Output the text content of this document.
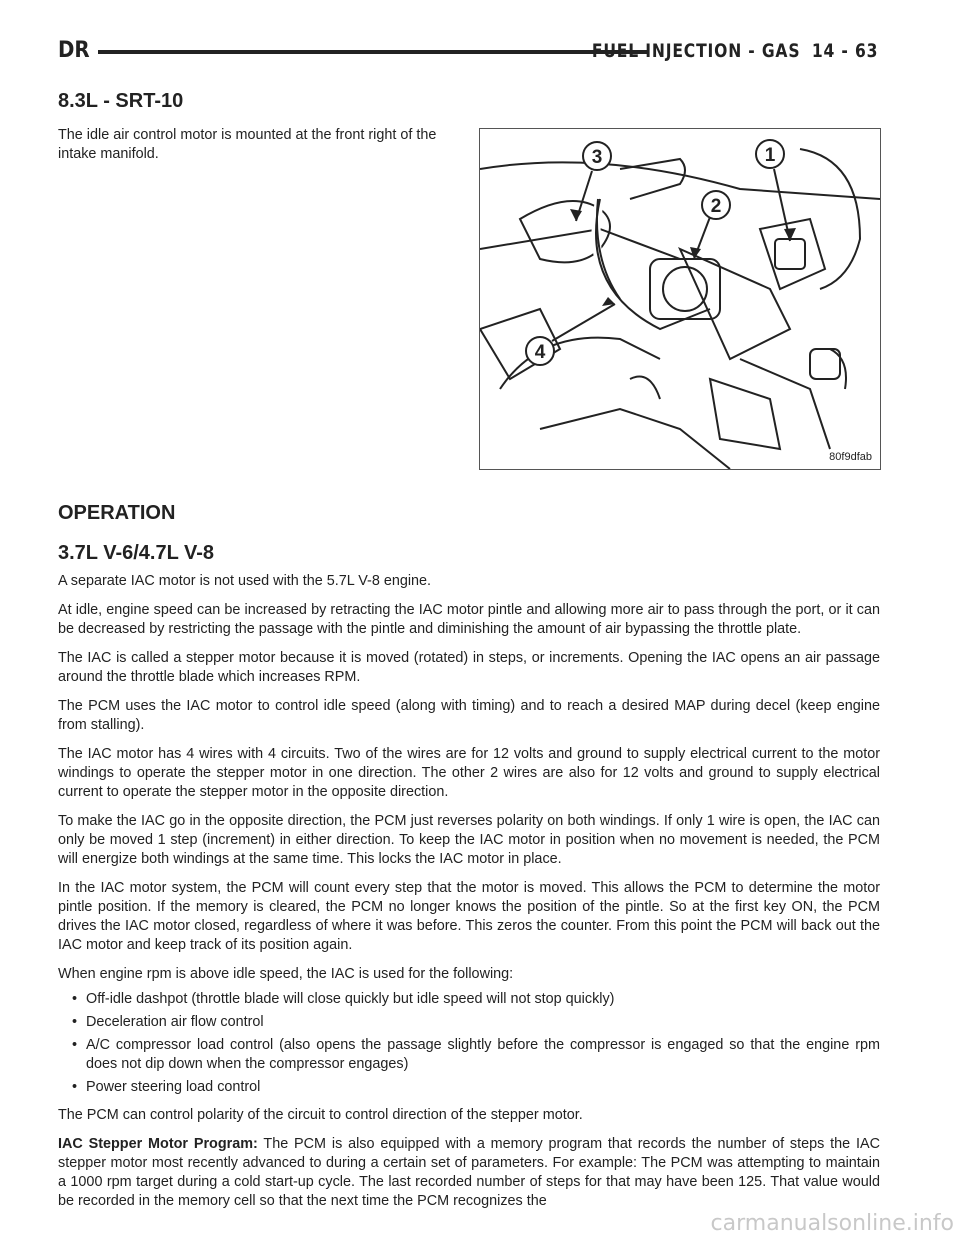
DR	FUEL INJECTION - GAS 14 - 63
8.3L - SRT-10

The idle air control motor is mounted at the front right of the intake manifold.	3	1
2
4
80f9dfab
OPERATION
3.7L V-6/4.7L V-8

A separate IAC motor is not used with the 5.7L V-8 engine.

At idle, engine speed can be increased by retracting the IAC motor pintle and allowing more air to pass through the port, or it can be decreased by restricting the passage with the pintle and diminishing the amount of air bypassing the throttle plate.

The IAC is called a stepper motor because it is moved (rotated) in steps, or increments. Opening the IAC opens an air passage around the throttle blade which increases RPM.

The PCM uses the IAC motor to control idle speed (along with timing) and to reach a desired MAP during decel (keep engine from stalling).

The IAC motor has 4 wires with 4 circuits. Two of the wires are for 12 volts and ground to supply electrical current to the motor windings to operate the stepper motor in one direction. The other 2 wires are also for 12 volts and ground to supply electrical current to operate the stepper motor in the opposite direction.

To make the IAC go in the opposite direction, the PCM just reverses polarity on both windings. If only 1 wire is open, the IAC can only be moved 1 step (increment) in either direction. To keep the IAC motor in position when no movement is needed, the PCM will energize both windings at the same time. This locks the IAC motor in place.

In the IAC motor system, the PCM will count every step that the motor is moved. This allows the PCM to determine the motor pintle position. If the memory is cleared, the PCM no longer knows the position of the pintle. So at the first key ON, the PCM drives the IAC motor closed, regardless of where it was before. This zeros the counter. From this point the PCM will back out the IAC motor and keep track of its position again.

When engine rpm is above idle speed, the IAC is used for the following:

• Off-idle dashpot (throttle blade will close quickly but idle speed will not stop quickly)
• Deceleration air flow control
• A/C compressor load control (also opens the passage slightly before the compressor is engaged so that the engine rpm does not dip down when the compressor engages)
• Power steering load control

The PCM can control polarity of the circuit to control direction of the stepper motor.

IAC Stepper Motor Program: The PCM is also equipped with a memory program that records the number of steps the IAC stepper motor most recently advanced to during a certain set of parameters. For example: The PCM was attempting to maintain a 1000 rpm target during a cold start-up cycle. The last recorded number of steps for that may have been 125. That value would be recorded in the memory cell so that the next time the PCM recognizes the

carmanualsonline.info
